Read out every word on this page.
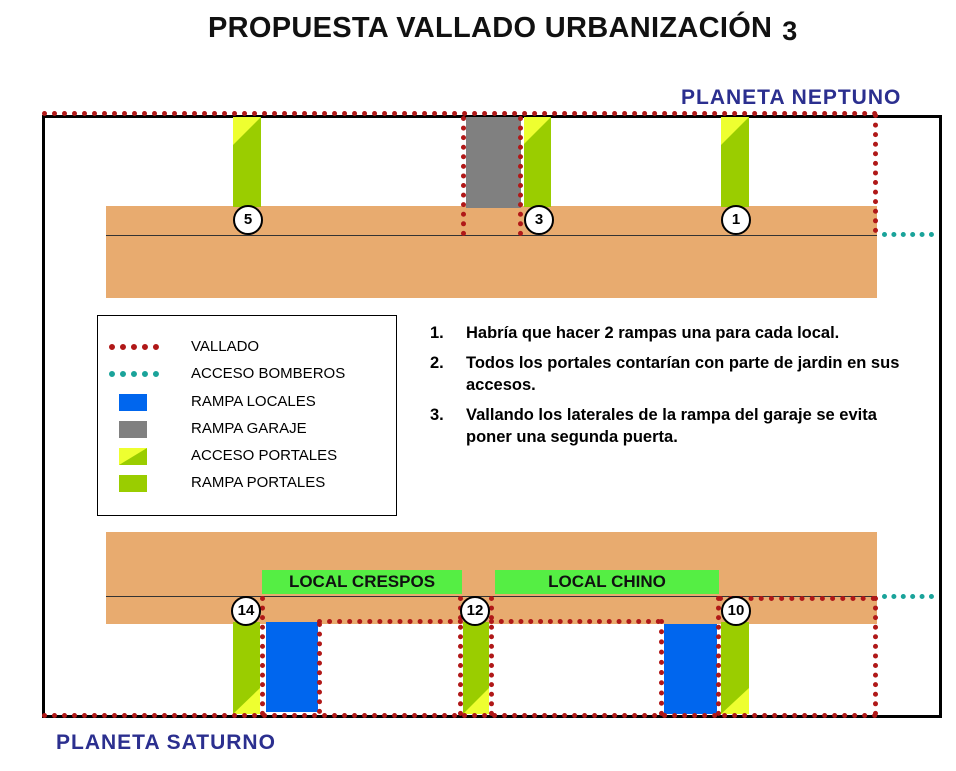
PROPUESTA VALLADO URBANIZACIÓN 3
PLANETA NEPTUNO
PLANETA SATURNO
LOCAL CRESPOS	LOCAL CHINO
5	3	1
14	12	10
VALLADO
ACCESO BOMBEROS
RAMPA LOCALES
RAMPA GARAJE
ACCESO PORTALES
RAMPA PORTALES
1. Habría que hacer 2 rampas una para cada local.
2. Todos los portales contarían con parte de jardin en sus accesos.
3. Vallando los laterales de la rampa del garaje se evita poner una segunda puerta.
